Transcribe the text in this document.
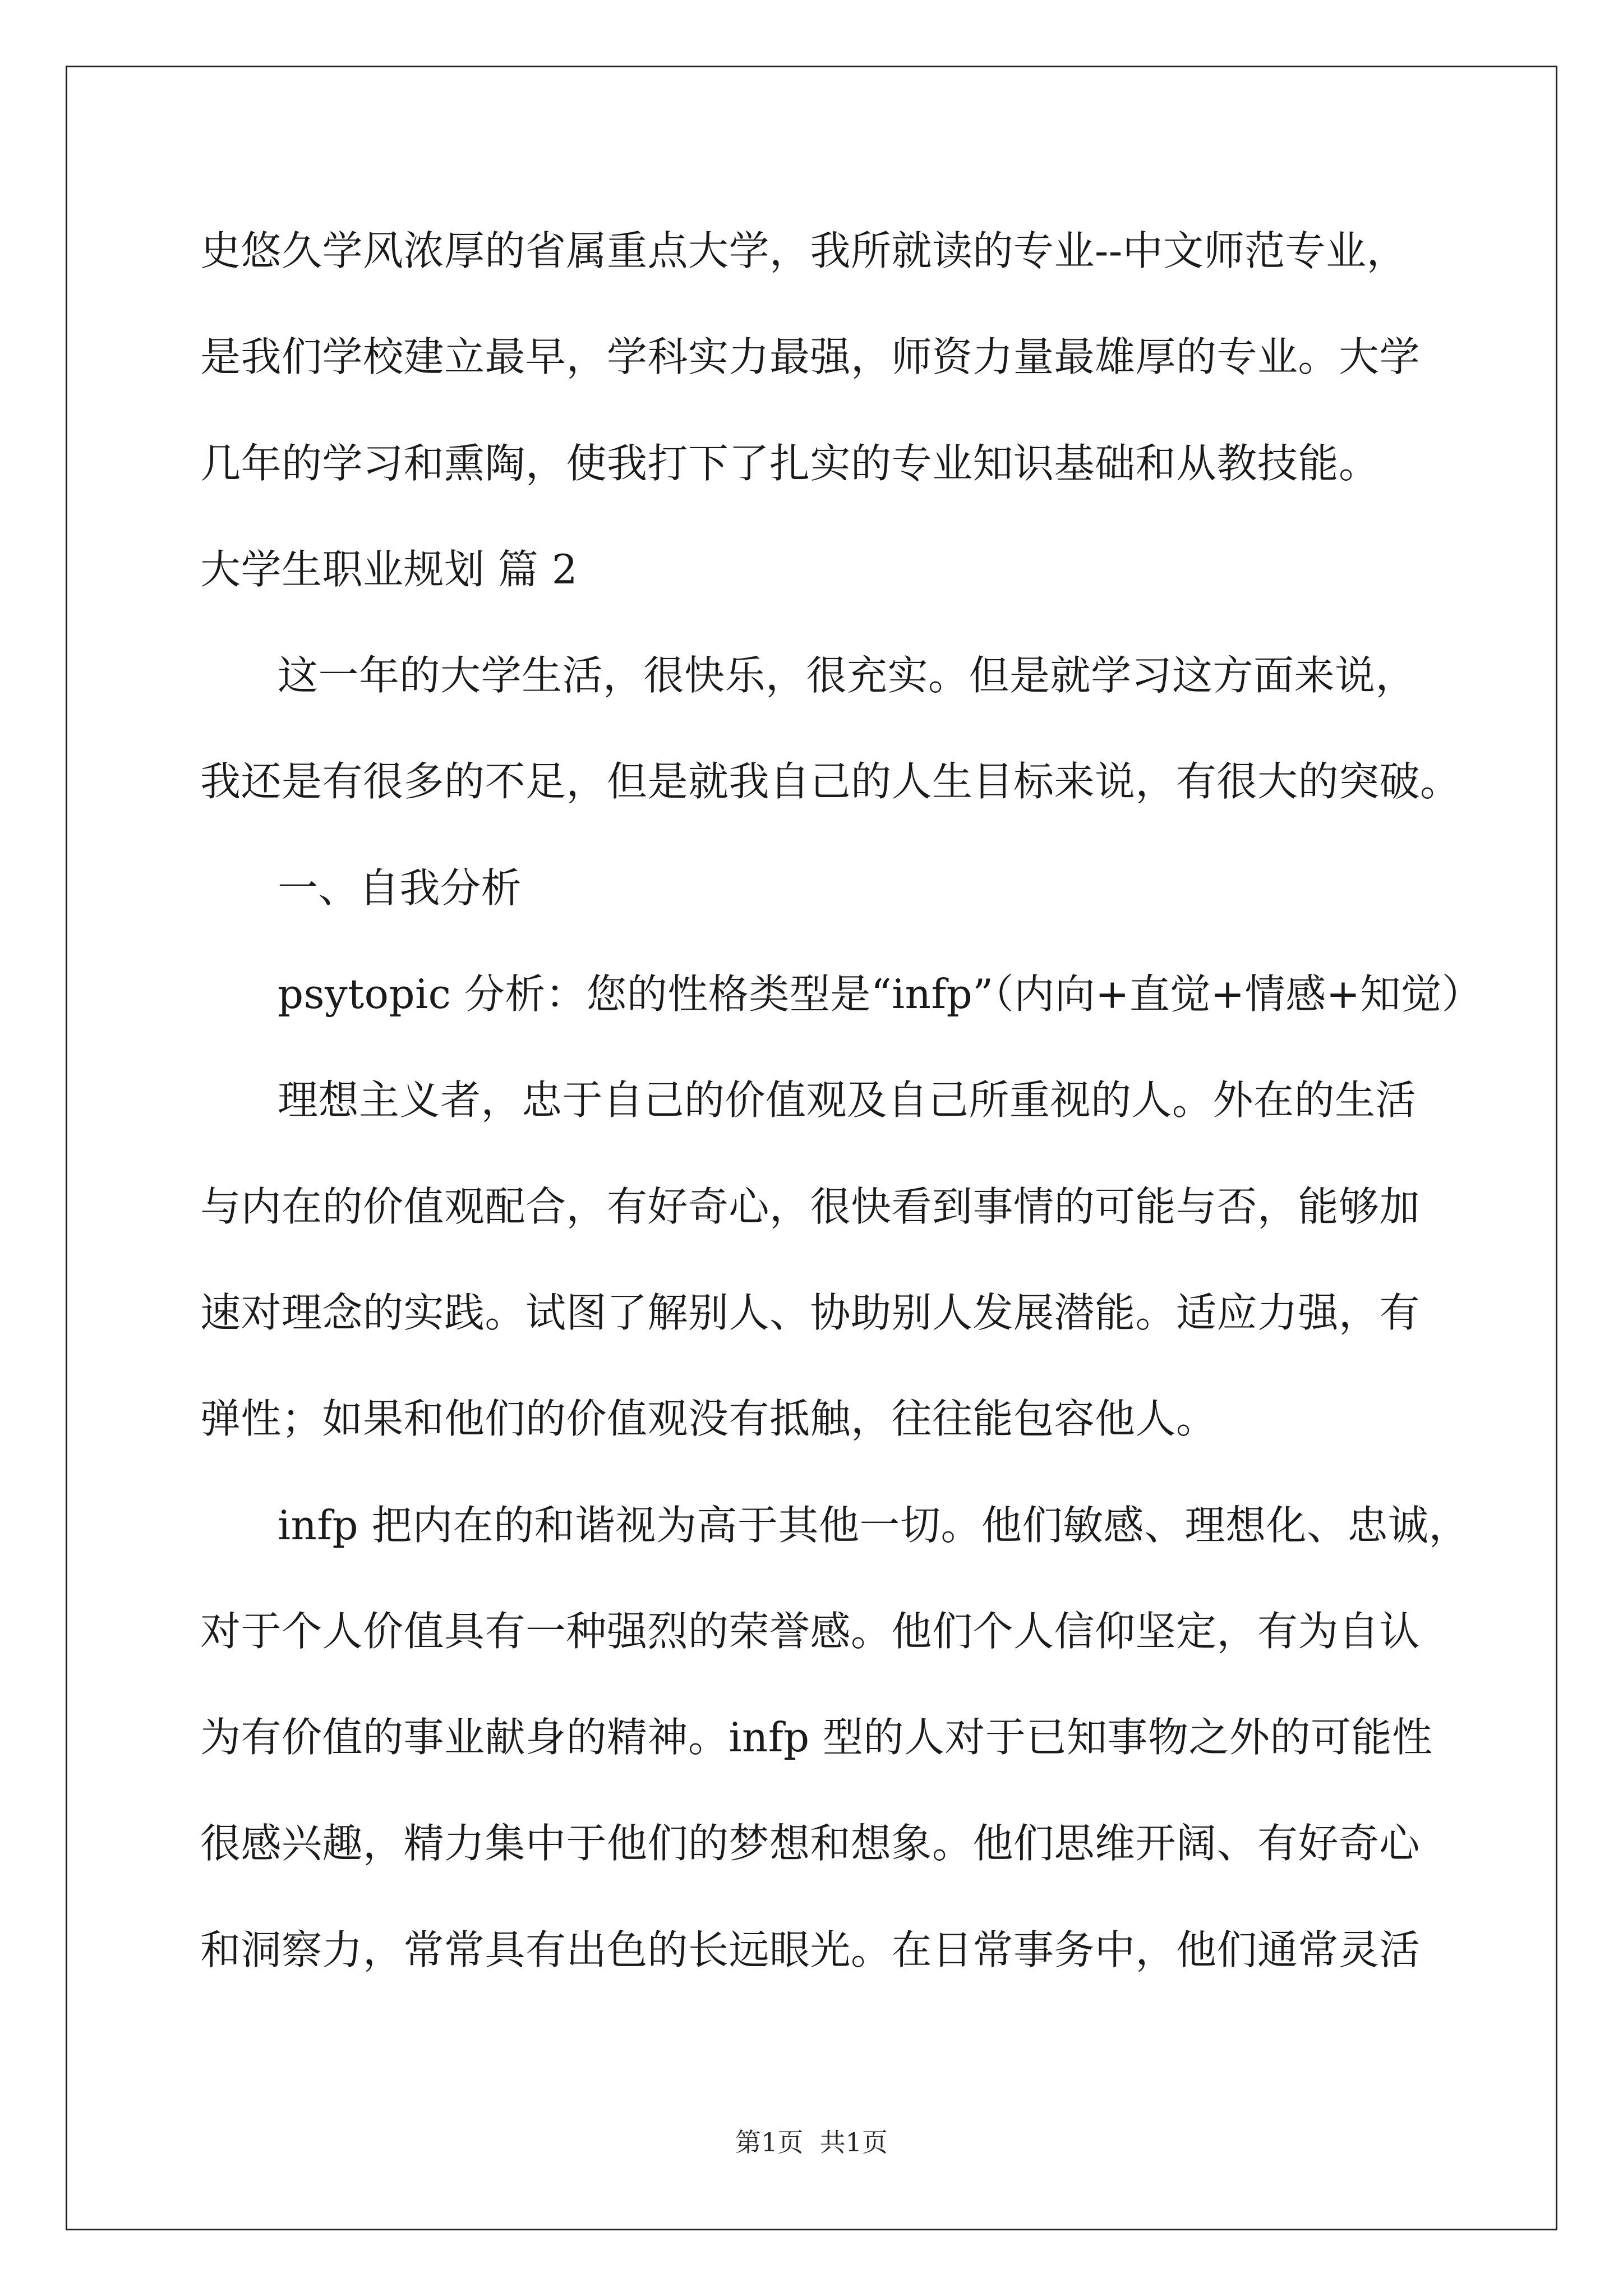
史悠久学风浓厚的省属重点大学，我所就读的专业--中文师范专业，
是我们学校建立最早，学科实力最强，师资力量最雄厚的专业。大学
几年的学习和熏陶，使我打下了扎实的专业知识基础和从教技能。
大学生职业规划 篇 2
这一年的大学生活，很快乐，很充实。但是就学习这方面来说，
我还是有很多的不足，但是就我自己的人生目标来说，有很大的突破。
一、自我分析
psytopic 分析：您的性格类型是“infp”（内向+直觉+情感+知觉）
理想主义者，忠于自己的价值观及自己所重视的人。外在的生活
与内在的价值观配合，有好奇心，很快看到事情的可能与否，能够加
速对理念的实践。试图了解别人、协助别人发展潜能。适应力强，有
弹性；如果和他们的价值观没有抵触，往往能包容他人。
infp 把内在的和谐视为高于其他一切。他们敏感、理想化、忠诚，
对于个人价值具有一种强烈的荣誉感。他们个人信仰坚定，有为自认
为有价值的事业献身的精神。infp 型的人对于已知事物之外的可能性
很感兴趣，精力集中于他们的梦想和想象。他们思维开阔、有好奇心
和洞察力，常常具有出色的长远眼光。在日常事务中，他们通常灵活
第1页  共1页
